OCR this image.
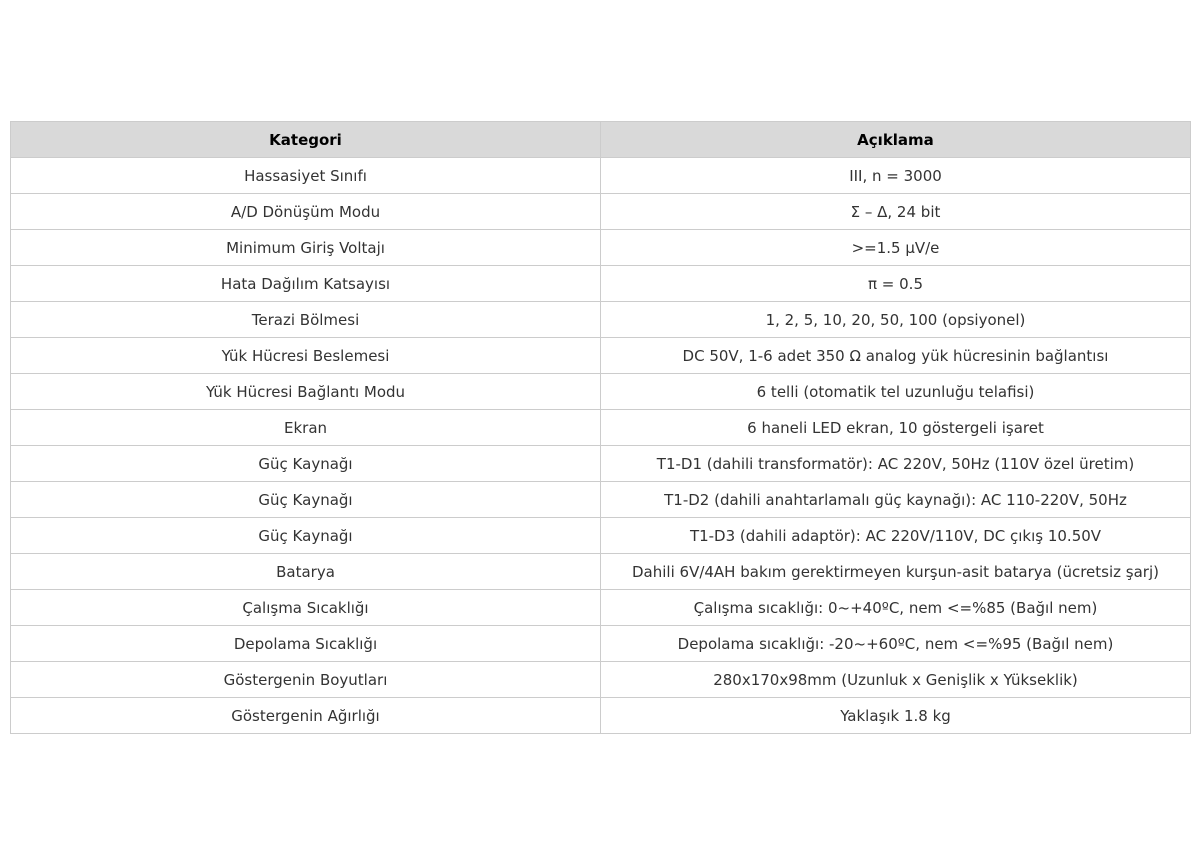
Kategori	Açıklama
Hassasiyet Sınıfı	III, n = 3000
A/D Dönüşüm Modu	Σ – Δ, 24 bit
Minimum Giriş Voltajı	>=1.5 μV/e
Hata Dağılım Katsayısı	π = 0.5
Terazi Bölmesi	1, 2, 5, 10, 20, 50, 100 (opsiyonel)
Yük Hücresi Beslemesi	DC 50V, 1-6 adet 350 Ω analog yük hücresinin bağlantısı
Yük Hücresi Bağlantı Modu	6 telli (otomatik tel uzunluğu telafisi)
Ekran	6 haneli LED ekran, 10 göstergeli işaret
Güç Kaynağı	T1-D1 (dahili transformatör): AC 220V, 50Hz (110V özel üretim)
Güç Kaynağı	T1-D2 (dahili anahtarlamalı güç kaynağı): AC 110-220V, 50Hz
Güç Kaynağı	T1-D3 (dahili adaptör): AC 220V/110V, DC çıkış 10.50V
Batarya	Dahili 6V/4AH bakım gerektirmeyen kurşun-asit batarya (ücretsiz şarj)
Çalışma Sıcaklığı	Çalışma sıcaklığı: 0~+40ºC, nem <=%85 (Bağıl nem)
Depolama Sıcaklığı	Depolama sıcaklığı: -20~+60ºC, nem <=%95 (Bağıl nem)
Göstergenin Boyutları	280x170x98mm (Uzunluk x Genişlik x Yükseklik)
Göstergenin Ağırlığı	Yaklaşık 1.8 kg
